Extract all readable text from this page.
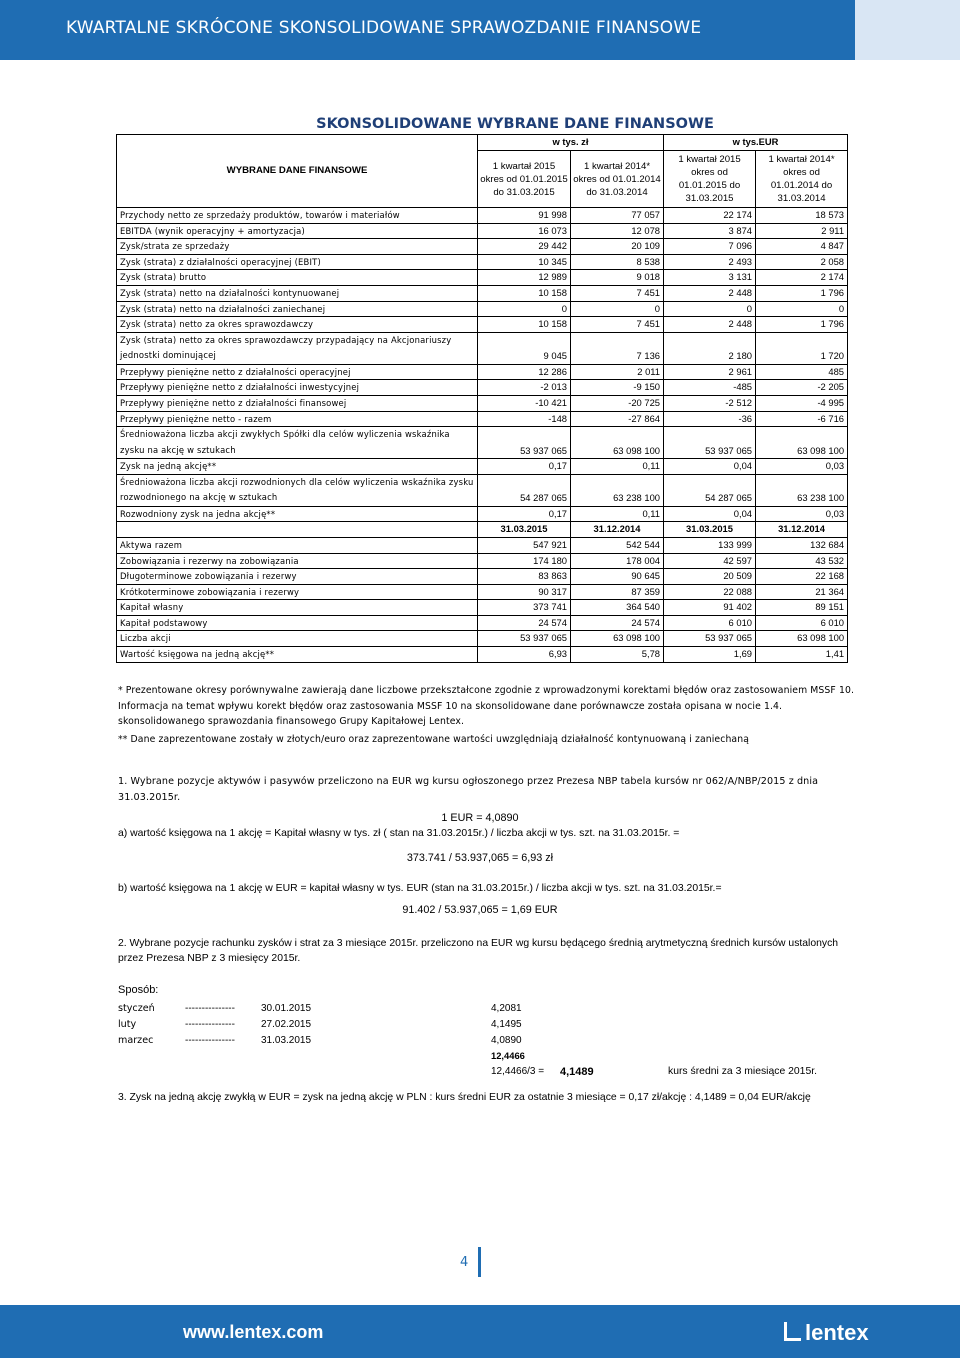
KWARTALNE SKRÓCONE SKONSOLIDOWANE SPRAWOZDANIE FINANSOWE
SKONSOLIDOWANE WYBRANE DANE FINANSOWE
WYBRANE DANE FINANSOWE	w tys. zł		w tys.EUR	
	1 kwartał 2015 okres od 01.01.2015 do 31.03.2015	1 kwartał 2014* okres od 01.01.2014 do 31.03.2014	1 kwartał 2015 okres od 01.01.2015 do 31.03.2015	1 kwartał 2014* okres od 01.01.2014 do 31.03.2014
Przychody netto ze sprzedaży produktów, towarów i materiałów	91 998	77 057	22 174	18 573
EBITDA (wynik operacyjny + amortyzacja)	16 073	12 078	3 874	2 911
Zysk/strata ze sprzedaży	29 442	20 109	7 096	4 847
Zysk (strata) z działalności operacyjnej (EBIT)	10 345	8 538	2 493	2 058
Zysk (strata) brutto	12 989	9 018	3 131	2 174
Zysk (strata) netto na działalności kontynuowanej	10 158	7 451	2 448	1 796
Zysk (strata) netto na działalności zaniechanej	0	0	0	0
Zysk (strata) netto za okres sprawozdawczy	10 158	7 451	2 448	1 796
Zysk (strata) netto za okres sprawozdawczy przypadający na Akcjonariuszy jednostki dominującej	9 045	7 136	2 180	1 720
Przepływy pieniężne netto z działalności operacyjnej	12 286	2 011	2 961	485
Przepływy pieniężne netto z działalności inwestycyjnej	-2 013	-9 150	-485	-2 205
Przepływy pieniężne netto z działalności finansowej	-10 421	-20 725	-2 512	-4 995
Przepływy pieniężne netto - razem	-148	-27 864	-36	-6 716
Średnioważona liczba akcji zwykłych Spółki dla celów wyliczenia wskaźnika zysku na akcję w sztukach	53 937 065	63 098 100	53 937 065	63 098 100
Zysk na jedną akcję**	0,17	0,11	0,04	0,03
Średnioważona liczba akcji rozwodnionych dla celów wyliczenia wskaźnika zysku rozwodnionego na akcję w sztukach	54 287 065	63 238 100	54 287 065	63 238 100
Rozwodniony zysk na jedna akcję**	0,17	0,11	0,04	0,03
	31.03.2015	31.12.2014	31.03.2015	31.12.2014
Aktywa razem	547 921	542 544	133 999	132 684
Zobowiązania i rezerwy na zobowiązania	174 180	178 004	42 597	43 532
Długoterminowe zobowiązania i rezerwy	83 863	90 645	20 509	22 168
Krótkoterminowe zobowiązania i rezerwy	90 317	87 359	22 088	21 364
Kapitał własny	373 741	364 540	91 402	89 151
Kapitał podstawowy	24 574	24 574	6 010	6 010
Liczba akcji	53 937 065	63 098 100	53 937 065	63 098 100
Wartość księgowa na jedną akcję**	6,93	5,78	1,69	1,41
* Prezentowane okresy porównywalne zawierają dane liczbowe przekształcone zgodnie z wprowadzonymi korektami błędów oraz zastosowaniem MSSF 10. Informacja na temat wpływu korekt błędów oraz zastosowania MSSF 10 na skonsolidowane dane porównawcze została opisana w nocie 1.4. skonsolidowanego sprawozdania finansowego Grupy Kapitałowej Lentex.
** Dane zaprezentowane zostały w złotych/euro oraz zaprezentowane wartości uwzględniają działalność kontynuowaną i zaniechaną
1. Wybrane pozycje aktywów i pasywów przeliczono na EUR wg kursu ogłoszonego przez Prezesa NBP tabela kursów nr 062/A/NBP/2015 z dnia 31.03.2015r.
1 EUR = 4,0890
a) wartość księgowa na 1 akcję = Kapitał własny w tys. zł ( stan na 31.03.2015r.) / liczba akcji w tys. szt. na 31.03.2015r. =
373.741 / 53.937,065 = 6,93 zł
b) wartość księgowa na 1 akcję w EUR = kapitał własny w tys. EUR (stan na 31.03.2015r.) / liczba akcji w tys. szt. na 31.03.2015r.=
91.402 / 53.937,065 = 1,69 EUR
2. Wybrane pozycje rachunku zysków i strat za 3 miesiące 2015r. przeliczono na EUR wg kursu będącego średnią arytmetyczną średnich kursów ustalonych przez Prezesa NBP z 3 miesięcy 2015r.
Sposób:
styczeń	---------------	30.01.2015	4,2081
luty	---------------	27.02.2015	4,1495
marzec	---------------	31.03.2015	4,0890
12,4466
12,4466/3 = 4,1489	kurs średni za 3 miesiące 2015r.
3. Zysk na jedną akcję zwykłą w EUR = zysk na jedną akcję w PLN : kurs średni EUR za ostatnie 3 miesiące = 0,17 zł/akcję : 4,1489 = 0,04 EUR/akcję
4
www.lentex.com	lentex
